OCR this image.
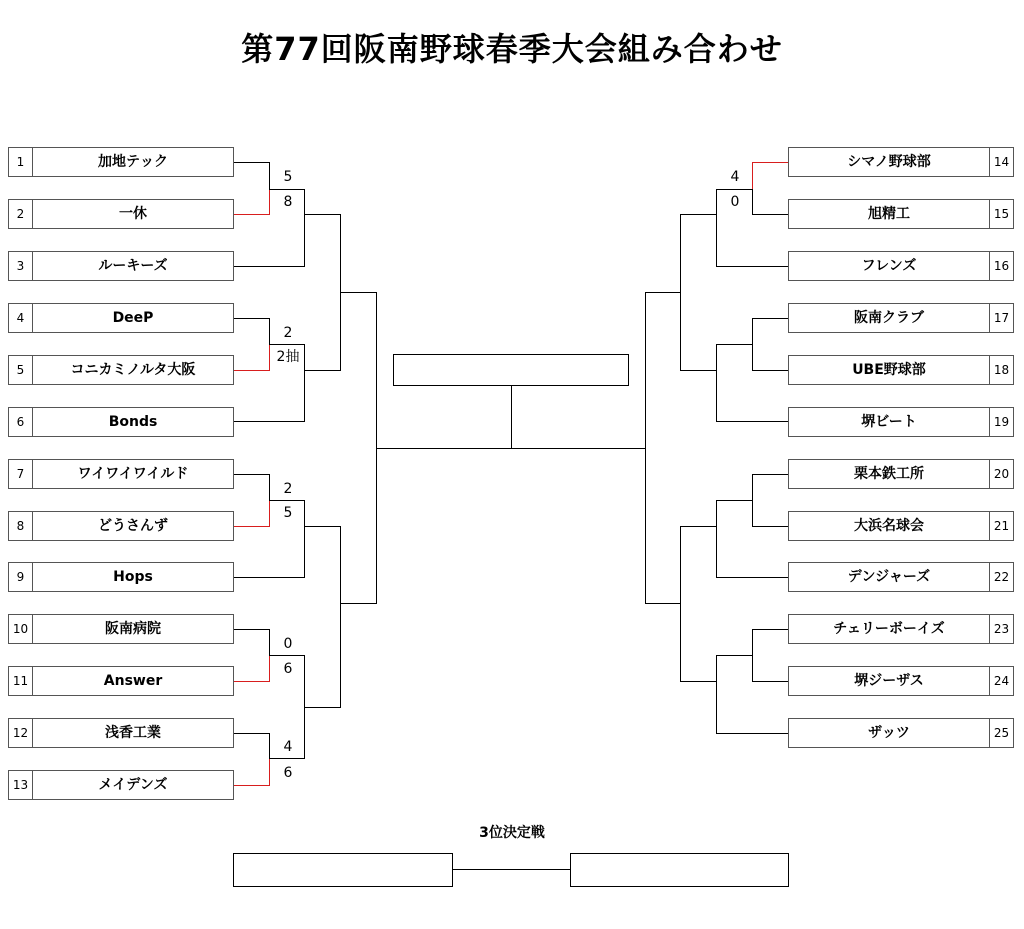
第77回阪南野球春季大会組み合わせ
1	加地テック
2	一休
3	ルーキーズ
4	DeeP
5	コニカミノルタ大阪
6	Bonds
7	ワイワイワイルド
8	どうさんず
9	Hops
10	阪南病院
11	Answer
12	浅香工業
13	メイデンズ
シマノ野球部	14
旭精工	15
フレンズ	16
阪南クラブ	17
UBE野球部	18
堺ビート	19
栗本鉄工所	20
大浜名球会	21
デンジャーズ	22
チェリーボーイズ	23
堺ジーザス	24
ザッツ	25
5
8
2
2抽
2
5
0
6
4
6
4
0
3位決定戦
